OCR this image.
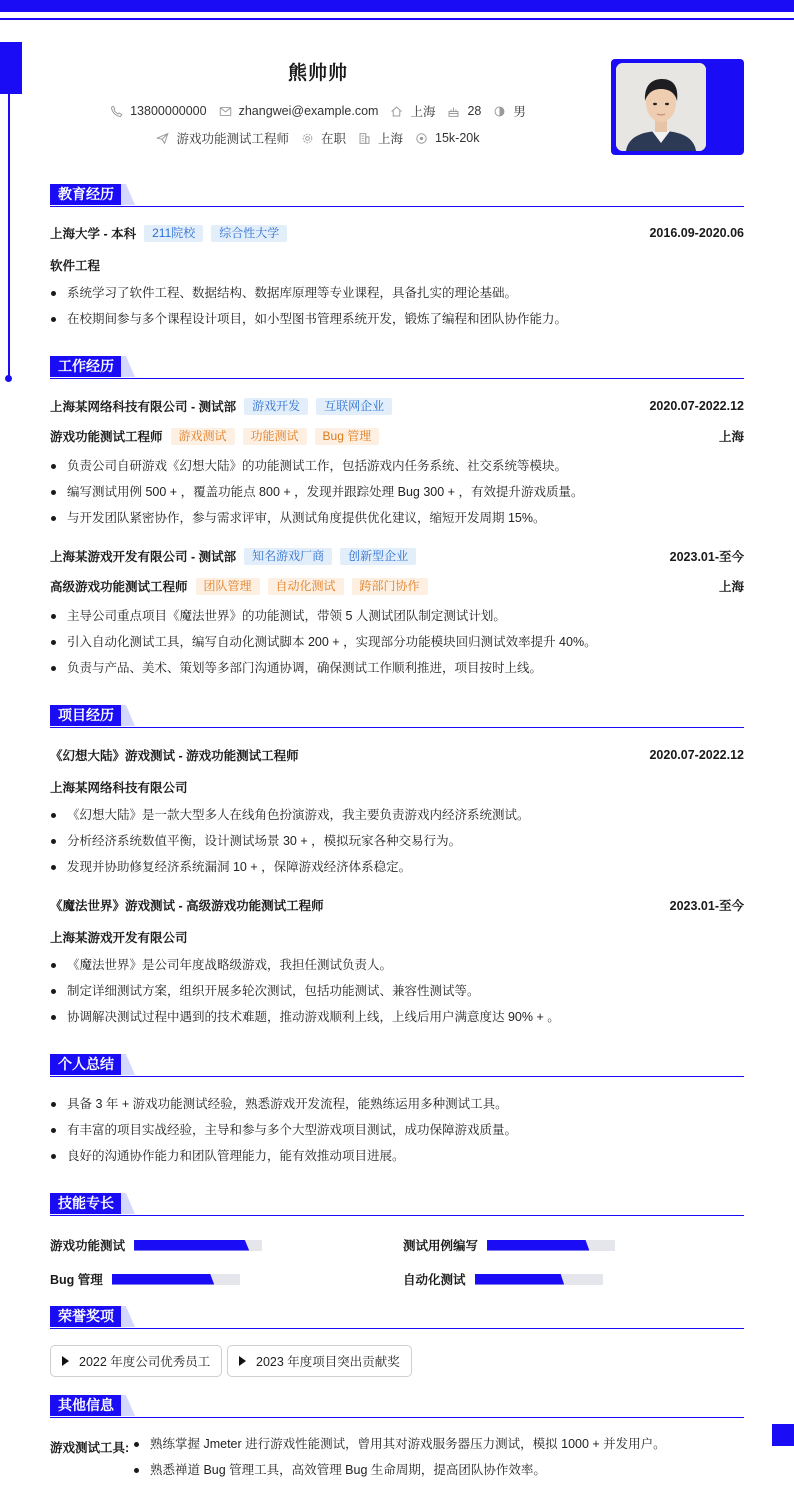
熊帅帅
13800000000	zhangwei@example.com	上海	28	男
游戏功能测试工程师	在职	上海	15k-20k
教育经历
上海大学 - 本科	211院校	综合性大学	2016.09-2020.06
软件工程
系统学习了软件工程、数据结构、数据库原理等专业课程，具备扎实的理论基础。
在校期间参与多个课程设计项目，如小型图书管理系统开发，锻炼了编程和团队协作能力。
工作经历
上海某网络科技有限公司 - 测试部	游戏开发	互联网企业	2020.07-2022.12
游戏功能测试工程师	游戏测试	功能测试	Bug 管理	上海
负责公司自研游戏《幻想大陆》的功能测试工作，包括游戏内任务系统、社交系统等模块。
编写测试用例 500 + ，覆盖功能点 800 + ，发现并跟踪处理 Bug 300 + ，有效提升游戏质量。
与开发团队紧密协作，参与需求评审，从测试角度提供优化建议，缩短开发周期 15%。
上海某游戏开发有限公司 - 测试部	知名游戏厂商	创新型企业	2023.01-至今
高级游戏功能测试工程师	团队管理	自动化测试	跨部门协作	上海
主导公司重点项目《魔法世界》的功能测试，带领 5 人测试团队制定测试计划。
引入自动化测试工具，编写自动化测试脚本 200 + ，实现部分功能模块回归测试效率提升 40%。
负责与产品、美术、策划等多部门沟通协调，确保测试工作顺利推进，项目按时上线。
项目经历
《幻想大陆》游戏测试 - 游戏功能测试工程师	2020.07-2022.12
上海某网络科技有限公司
《幻想大陆》是一款大型多人在线角色扮演游戏，我主要负责游戏内经济系统测试。
分析经济系统数值平衡，设计测试场景 30 + ，模拟玩家各种交易行为。
发现并协助修复经济系统漏洞 10 + ，保障游戏经济体系稳定。
《魔法世界》游戏测试 - 高级游戏功能测试工程师	2023.01-至今
上海某游戏开发有限公司
《魔法世界》是公司年度战略级游戏，我担任测试负责人。
制定详细测试方案，组织开展多轮次测试，包括功能测试、兼容性测试等。
协调解决测试过程中遇到的技术难题，推动游戏顺利上线，上线后用户满意度达 90% + 。
个人总结
具备 3 年 + 游戏功能测试经验，熟悉游戏开发流程，能熟练运用多种测试工具。
有丰富的项目实战经验，主导和参与多个大型游戏项目测试，成功保障游戏质量。
良好的沟通协作能力和团队管理能力，能有效推动项目进展。
技能专长
游戏功能测试	测试用例编写
Bug 管理	自动化测试
荣誉奖项
2022 年度公司优秀员工	2023 年度项目突出贡献奖
其他信息
游戏测试工具:	熟练掌握 Jmeter 进行游戏性能测试，曾用其对游戏服务器压力测试，模拟 1000 + 并发用户。
熟悉禅道 Bug 管理工具，高效管理 Bug 生命周期，提高团队协作效率。
